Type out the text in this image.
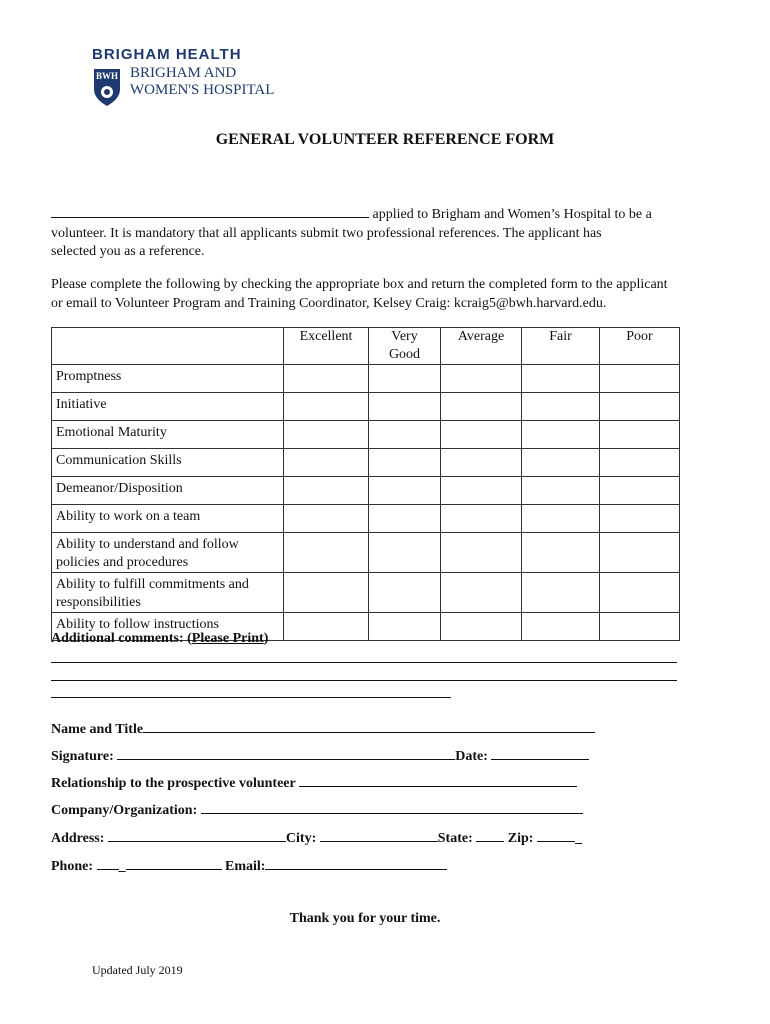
BRIGHAM HEALTH
BWH BRIGHAM AND
WOMEN'S HOSPITAL
GENERAL VOLUNTEER REFERENCE FORM
applied to Brigham and Women’s Hospital to be a
volunteer. It is mandatory that all applicants submit two professional references. The applicant has
selected you as a reference.
Please complete the following by checking the appropriate box and return the completed form to the applicant
or email to Volunteer Program and Training Coordinator, Kelsey Craig: kcraig5@bwh.harvard.edu.
	Excellent	Very
Good	Average	Fair	Poor
Promptness					
Initiative					
Emotional Maturity					
Communication Skills					
Demeanor/Disposition					
Ability to work on a team					

Ability to understand and follow
policies and procedures					

Ability to fulfill commitments and
responsibilities					

Ability to follow instructions					
Additional comments: (Please Print)
Name and Title
Signature:	Date:
Relationship to the prospective volunteer
Company/Organization:
Address:	City:	State:  Zip:	_
Phone: _	Email:
Thank you for your time.
Updated July 2019
